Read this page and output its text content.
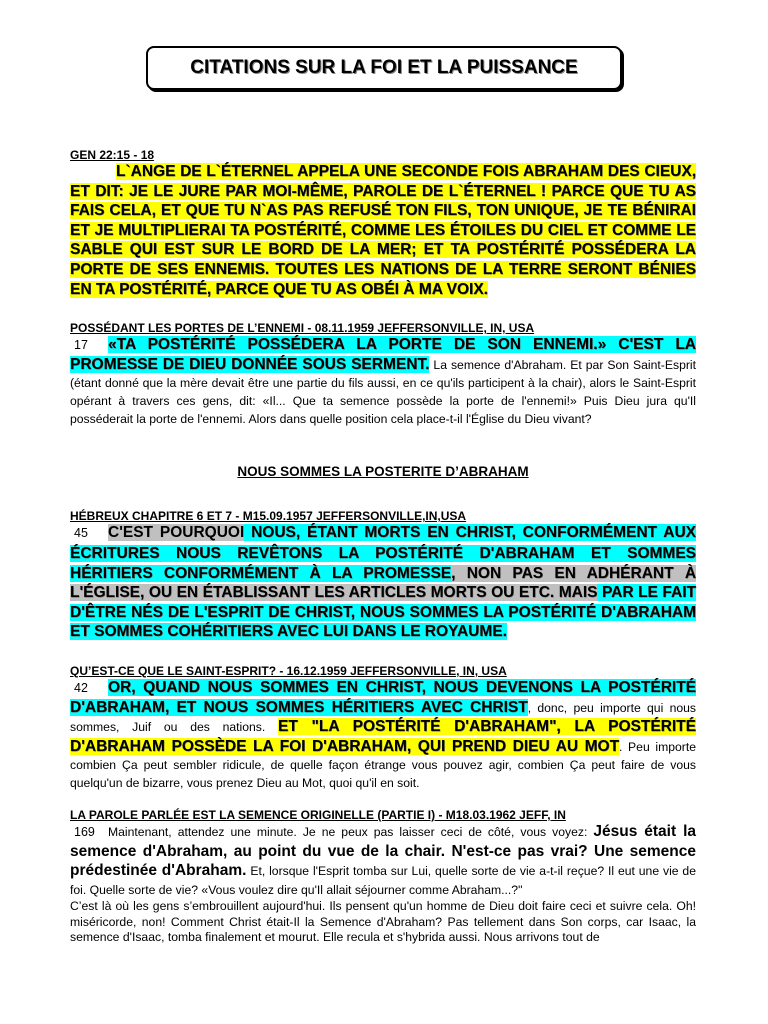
CITATIONS SUR LA FOI ET LA PUISSANCE
GEN 22:15 - 18
L`ANGE DE L`ÉTERNEL APPELA UNE SECONDE FOIS ABRAHAM DES CIEUX, ET DIT: JE LE JURE PAR MOI-MÊME, PAROLE DE L`ÉTERNEL ! PARCE QUE TU AS FAIS CELA, ET QUE TU N`AS PAS REFUSÉ TON FILS, TON UNIQUE, JE TE BÉNIRAI ET JE MULTIPLIERAI TA POSTÉRITÉ, COMME LES ÉTOILES DU CIEL ET COMME LE SABLE QUI EST SUR LE BORD DE LA MER; ET TA POSTÉRITÉ POSSÉDERA LA PORTE DE SES ENNEMIS. TOUTES LES NATIONS DE LA TERRE SERONT BÉNIES EN TA POSTÉRITÉ, PARCE QUE TU AS OBÉI À MA VOIX.
POSSÉDANT LES PORTES DE L’ENNEMI - 08.11.1959 JEFFERSONVILLE, IN, USA
17 «TA POSTÉRITÉ POSSÉDERA LA PORTE DE SON ENNEMI.» C'EST LA PROMESSE DE DIEU DONNÉE SOUS SERMENT. La semence d'Abraham. Et par Son Saint-Esprit (étant donné que la mère devait être une partie du fils aussi, en ce qu'ils participent à la chair), alors le Saint-Esprit opérant à travers ces gens, dit: «Il... Que ta semence possède la porte de l'ennemi!» Puis Dieu jura qu'Il posséderait la porte de l'ennemi. Alors dans quelle position cela place-t-il l'Église du Dieu vivant?
NOUS SOMMES LA POSTERITE D’ABRAHAM
HÉBREUX CHAPITRE 6 ET 7 - M15.09.1957 JEFFERSONVILLE,IN,USA
45 C'EST POURQUOI NOUS, ÉTANT MORTS EN CHRIST, CONFORMÉMENT AUX ÉCRITURES NOUS REVÊTONS LA POSTÉRITÉ D'ABRAHAM ET SOMMES HÉRITIERS CONFORMÉMENT À LA PROMESSE, NON PAS EN ADHÉRANT À L'ÉGLISE, OU EN ÉTABLISSANT LES ARTICLES MORTS OU ETC. MAIS PAR LE FAIT D'ÊTRE NÉS DE L'ESPRIT DE CHRIST, NOUS SOMMES LA POSTÉRITÉ D'ABRAHAM ET SOMMES COHÉRITIERS AVEC LUI DANS LE ROYAUME.
QU’EST-CE QUE LE SAINT-ESPRIT? - 16.12.1959 JEFFERSONVILLE, IN, USA
42 OR, QUAND NOUS SOMMES EN CHRIST, NOUS DEVENONS LA POSTÉRITÉ D'ABRAHAM, ET NOUS SOMMES HÉRITIERS AVEC CHRIST, donc, peu importe qui nous sommes, Juif ou des nations. ET "LA POSTÉRITÉ D'ABRAHAM", LA POSTÉRITÉ D'ABRAHAM POSSÈDE LA FOI D'ABRAHAM, QUI PREND DIEU AU MOT. Peu importe combien Ça peut sembler ridicule, de quelle façon étrange vous pouvez agir, combien Ça peut faire de vous quelqu'un de bizarre, vous prenez Dieu au Mot, quoi qu'il en soit.
LA PAROLE PARLÉE EST LA SEMENCE ORIGINELLE (PARTIE I) - M18.03.1962 JEFF, IN
169 Maintenant, attendez une minute. Je ne peux pas laisser ceci de côté, vous voyez: Jésus était la semence d'Abraham, au point du vue de la chair. N'est-ce pas vrai? Une semence prédestinée d'Abraham. Et, lorsque l'Esprit tomba sur Lui, quelle sorte de vie a-t-il reçue? Il eut une vie de foi. Quelle sorte de vie? «Vous voulez dire qu'Il allait séjourner comme Abraham...?"
C’est là où les gens s’embrouillent aujourd'hui. Ils pensent qu'un homme de Dieu doit faire ceci et suivre cela. Oh! miséricorde, non! Comment Christ était-Il la Semence d'Abraham? Pas tellement dans Son corps, car Isaac, la semence d'Isaac, tomba finalement et mourut. Elle recula et s'hybrida aussi. Nous arrivons tout de
